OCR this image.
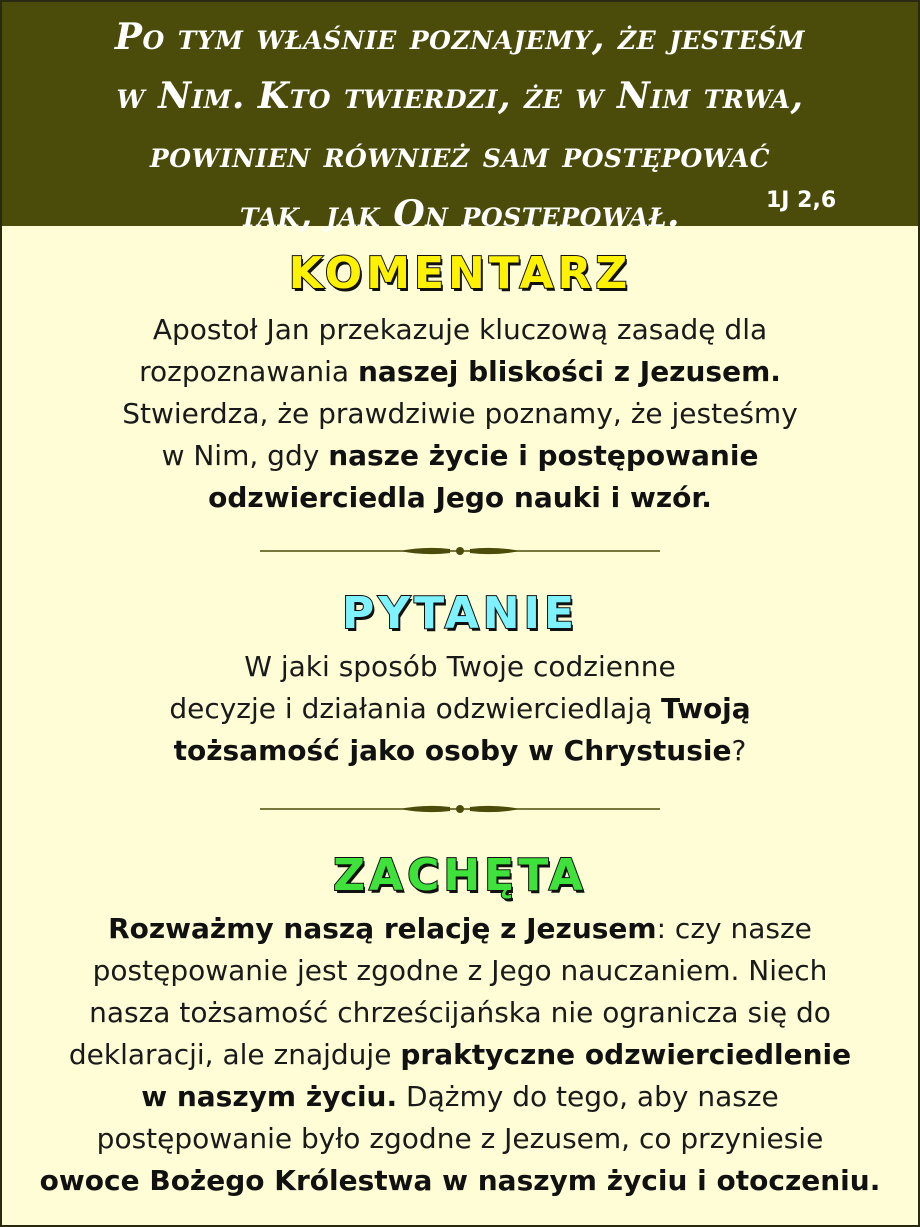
Po tym właśnie poznajemy, że jesteśm
w Nim. Kto twierdzi, że w Nim trwa,
powinien również sam postępować
tak, jak On postępował.	1J 2,6
KOMENTARZ
Apostoł Jan przekazuje kluczową zasadę dla
rozpoznawania naszej bliskości z Jezusem.
Stwierdza, że prawdziwie poznamy, że jesteśmy
w Nim, gdy nasze życie i postępowanie
odzwierciedla Jego nauki i wzór.
PYTANIE
W jaki sposób Twoje codzienne
decyzje i działania odzwierciedlają Twoją
tożsamość jako osoby w Chrystusie?
ZACHĘTA
Rozważmy naszą relację z Jezusem: czy nasze
postępowanie jest zgodne z Jego nauczaniem. Niech
nasza tożsamość chrześcijańska nie ogranicza się do
deklaracji, ale znajduje praktyczne odzwierciedlenie
w naszym życiu. Dążmy do tego, aby nasze
postępowanie było zgodne z Jezusem, co przyniesie
owoce Bożego Królestwa w naszym życiu i otoczeniu.
